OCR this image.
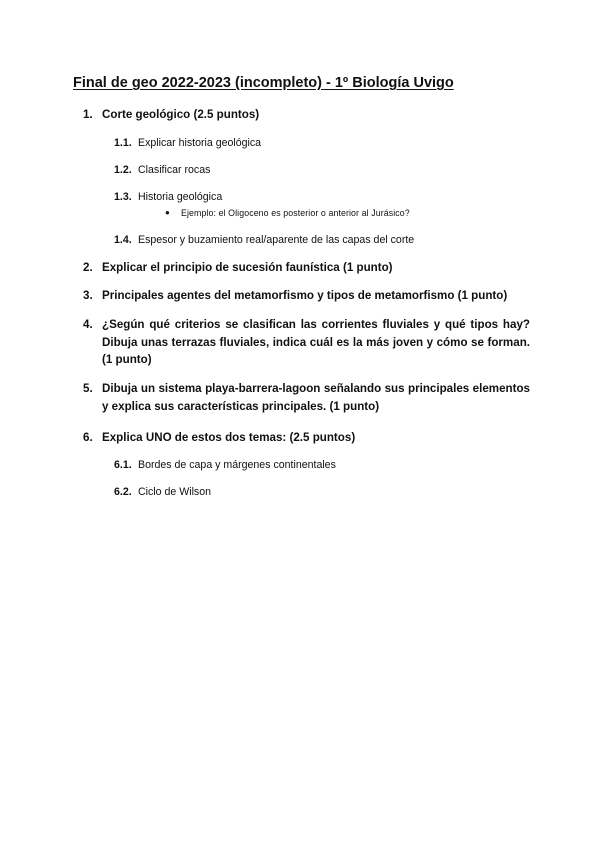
Final de geo 2022-2023 (incompleto) - 1º Biología Uvigo
1. Corte geológico (2.5 puntos)
1.1. Explicar historia geológica
1.2. Clasificar rocas
1.3. Historia geológica
● Ejemplo: el Oligoceno es posterior o anterior al Jurásico?
1.4. Espesor y buzamiento real/aparente de las capas del corte
2. Explicar el principio de sucesión faunística (1 punto)
3. Principales agentes del metamorfismo y tipos de metamorfismo (1 punto)
4. ¿Según qué criterios se clasifican las corrientes fluviales y qué tipos hay? Dibuja unas terrazas fluviales, indica cuál es la más joven y cómo se forman. (1 punto)
5. Dibuja un sistema playa-barrera-lagoon señalando sus principales elementos y explica sus características principales. (1 punto)
6. Explica UNO de estos dos temas: (2.5 puntos)
6.1. Bordes de capa y márgenes continentales
6.2. Ciclo de Wilson
